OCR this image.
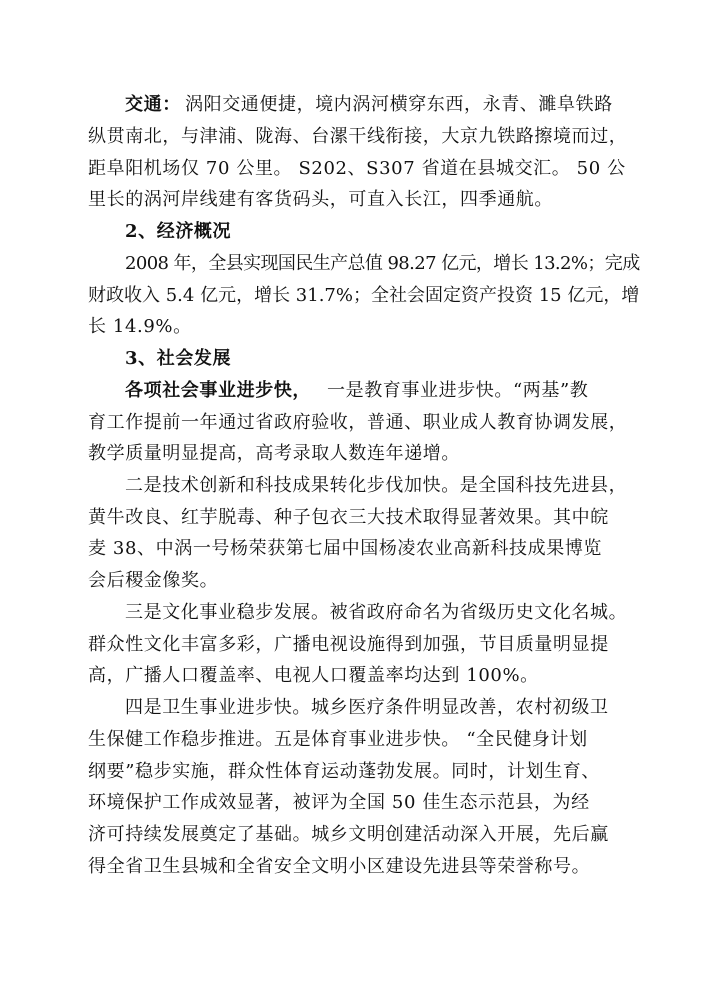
交通： 涡阳交通便捷，境内涡河横穿东西，永青、濉阜铁路
纵贯南北，与津浦、陇海、台漯干线衔接，大京九铁路擦境而过，
距阜阳机场仅 70 公里。 S202、S307 省道在县城交汇。 50 公
里长的涡河岸线建有客货码头，可直入长江，四季通航。
2、经济概况
2008 年，全县实现国民生产总值 98.27 亿元，增长 13.2%；完成
财政收入 5.4 亿元，增长 31.7%；全社会固定资产投资 15 亿元，增
长 14.9%。
3、社会发展
各项社会事业进步快， 一是教育事业进步快。“两基”教
育工作提前一年通过省政府验收，普通、职业成人教育协调发展，
教学质量明显提高，高考录取人数连年递增。
二是技术创新和科技成果转化步伐加快。是全国科技先进县，
黄牛改良、红芋脱毒、种子包衣三大技术取得显著效果。其中皖
麦 38、中涡一号杨荣获第七届中国杨凌农业高新科技成果博览
会后稷金像奖。
三是文化事业稳步发展。被省政府命名为省级历史文化名城。
群众性文化丰富多彩，广播电视设施得到加强，节目质量明显提
高，广播人口覆盖率、电视人口覆盖率均达到 100%。
四是卫生事业进步快。城乡医疗条件明显改善，农村初级卫
生保健工作稳步推进。五是体育事业进步快。 “全民健身计划
纲要”稳步实施，群众性体育运动蓬勃发展。同时，计划生育、
环境保护工作成效显著，被评为全国 50 佳生态示范县，为经
济可持续发展奠定了基础。城乡文明创建活动深入开展，先后赢
得全省卫生县城和全省安全文明小区建设先进县等荣誉称号。
